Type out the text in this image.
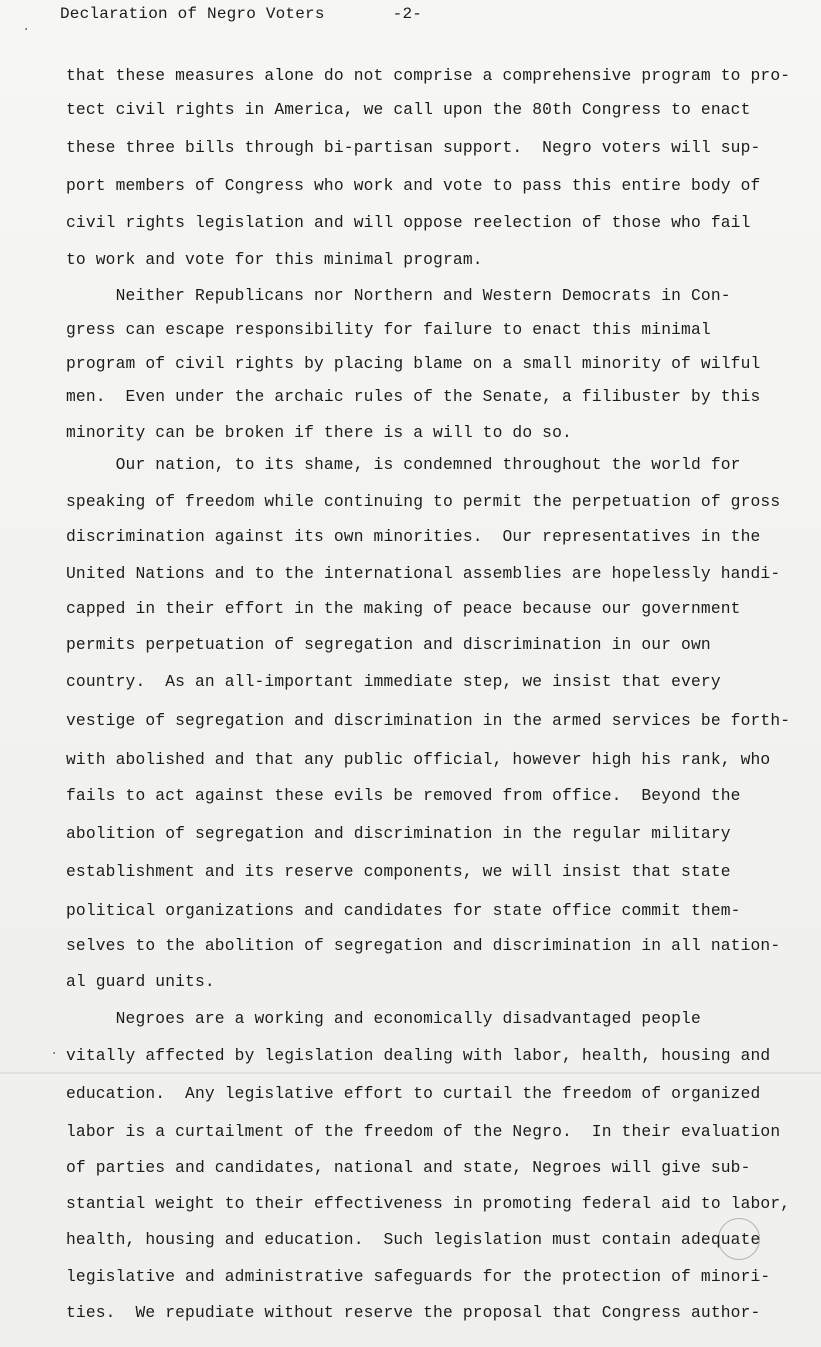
Declaration of Negro Voters	-2-
·
·
that these measures alone do not comprise a comprehensive program to pro-
tect civil rights in America, we call upon the 80th Congress to enact
these three bills through bi-partisan support.  Negro voters will sup-
port members of Congress who work and vote to pass this entire body of
civil rights legislation and will oppose reelection of those who fail
to work and vote for this minimal program.
Neither Republicans nor Northern and Western Democrats in Con-
gress can escape responsibility for failure to enact this minimal
program of civil rights by placing blame on a small minority of wilful
men.  Even under the archaic rules of the Senate, a filibuster by this
minority can be broken if there is a will to do so.
Our nation, to its shame, is condemned throughout the world for
speaking of freedom while continuing to permit the perpetuation of gross
discrimination against its own minorities.  Our representatives in the
United Nations and to the international assemblies are hopelessly handi-
capped in their effort in the making of peace because our government
permits perpetuation of segregation and discrimination in our own
country.  As an all-important immediate step, we insist that every
vestige of segregation and discrimination in the armed services be forth-
with abolished and that any public official, however high his rank, who
fails to act against these evils be removed from office.  Beyond the
abolition of segregation and discrimination in the regular military
establishment and its reserve components, we will insist that state
political organizations and candidates for state office commit them-
selves to the abolition of segregation and discrimination in all nation-
al guard units.
Negroes are a working and economically disadvantaged people
vitally affected by legislation dealing with labor, health, housing and
education.  Any legislative effort to curtail the freedom of organized
labor is a curtailment of the freedom of the Negro.  In their evaluation
of parties and candidates, national and state, Negroes will give sub-
stantial weight to their effectiveness in promoting federal aid to labor,
health, housing and education.  Such legislation must contain adequate
legislative and administrative safeguards for the protection of minori-
ties.  We repudiate without reserve the proposal that Congress author-
